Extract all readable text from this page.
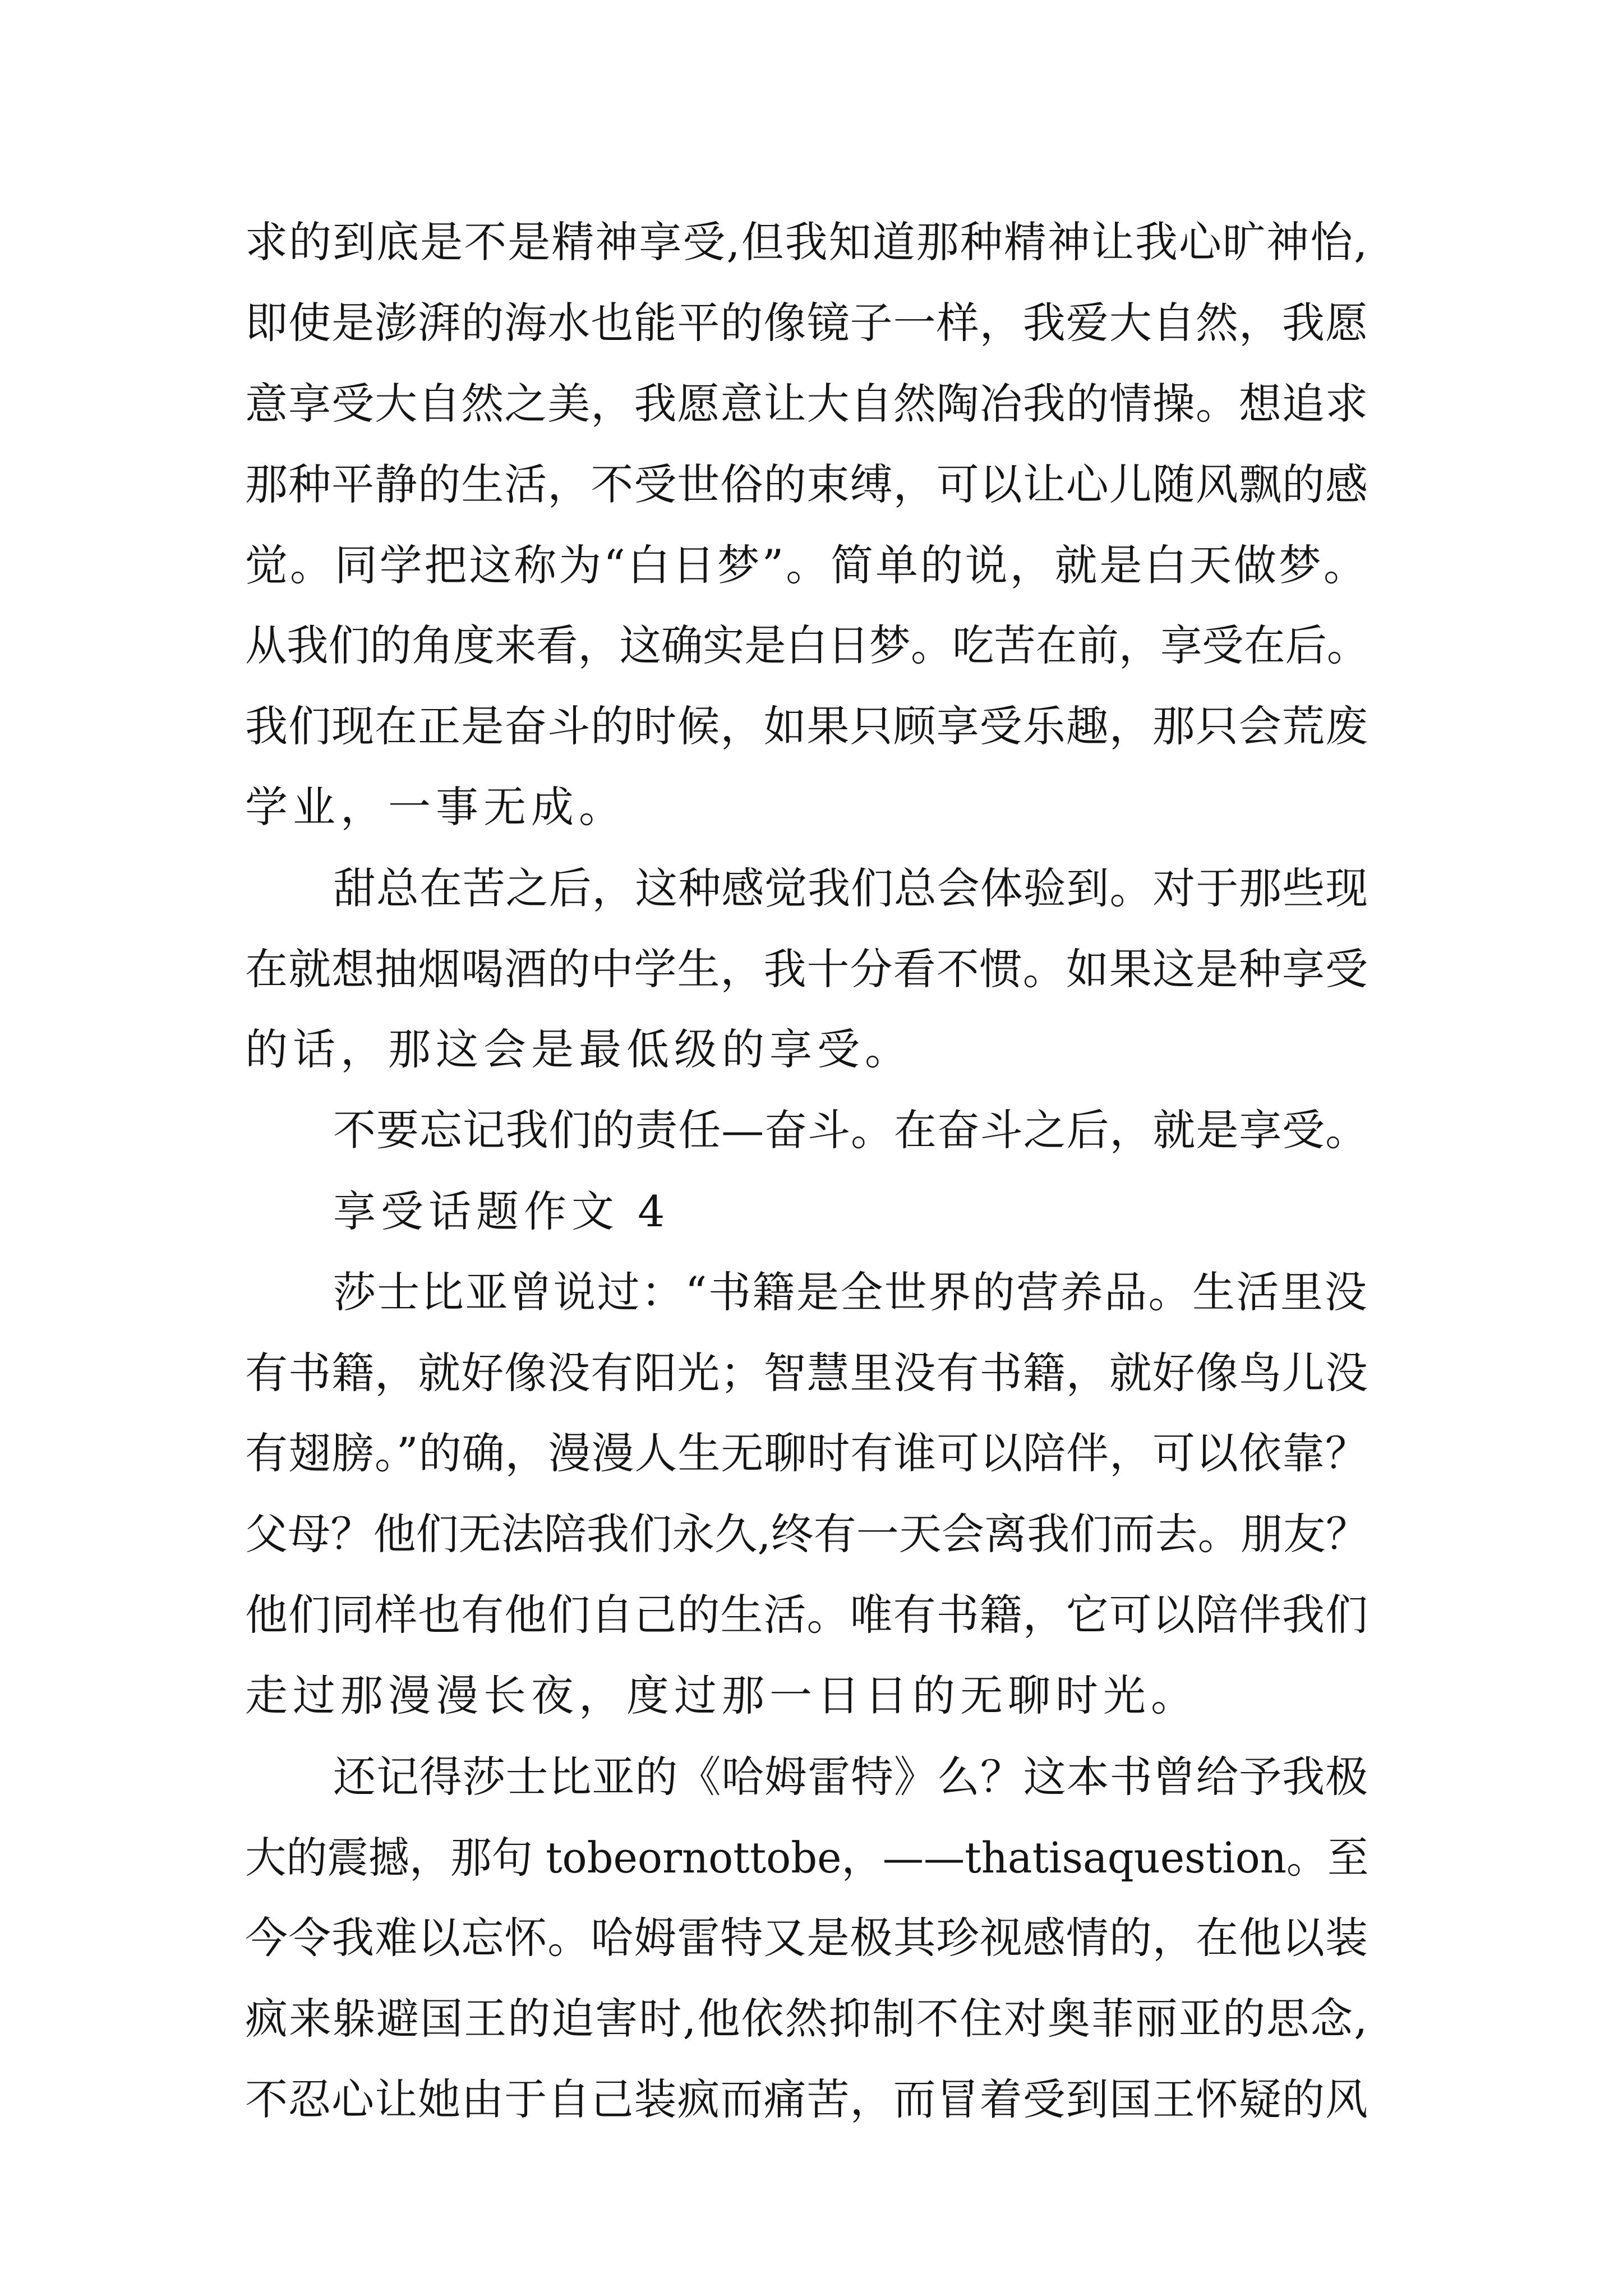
求的到底是不是精神享受,但我知道那种精神让我心旷神怡,
即使是澎湃的海水也能平的像镜子一样，我爱大自然，我愿
意享受大自然之美，我愿意让大自然陶冶我的情操。想追求
那种平静的生活，不受世俗的束缚，可以让心儿随风飘的感
觉。同学把这称为“白日梦”。简单的说，就是白天做梦。
从我们的角度来看，这确实是白日梦。吃苦在前，享受在后。
我们现在正是奋斗的时候，如果只顾享受乐趣，那只会荒废
学业，一事无成。
甜总在苦之后，这种感觉我们总会体验到。对于那些现
在就想抽烟喝酒的中学生，我十分看不惯。如果这是种享受
的话，那这会是最低级的享受。
不要忘记我们的责任—奋斗。在奋斗之后，就是享受。
享受话题作文 4
莎士比亚曾说过：“书籍是全世界的营养品。生活里没
有书籍，就好像没有阳光；智慧里没有书籍，就好像鸟儿没
有翅膀。”的确，漫漫人生无聊时有谁可以陪伴，可以依靠？
父母？他们无法陪我们永久,终有一天会离我们而去。朋友？
他们同样也有他们自己的生活。唯有书籍，它可以陪伴我们
走过那漫漫长夜，度过那一日日的无聊时光。
还记得莎士比亚的《哈姆雷特》么？这本书曾给予我极
大的震撼，那句 tobeornottobe，——thatisaquestion。至
今令我难以忘怀。哈姆雷特又是极其珍视感情的，在他以装
疯来躲避国王的迫害时,他依然抑制不住对奥菲丽亚的思念,
不忍心让她由于自己装疯而痛苦，而冒着受到国王怀疑的风
